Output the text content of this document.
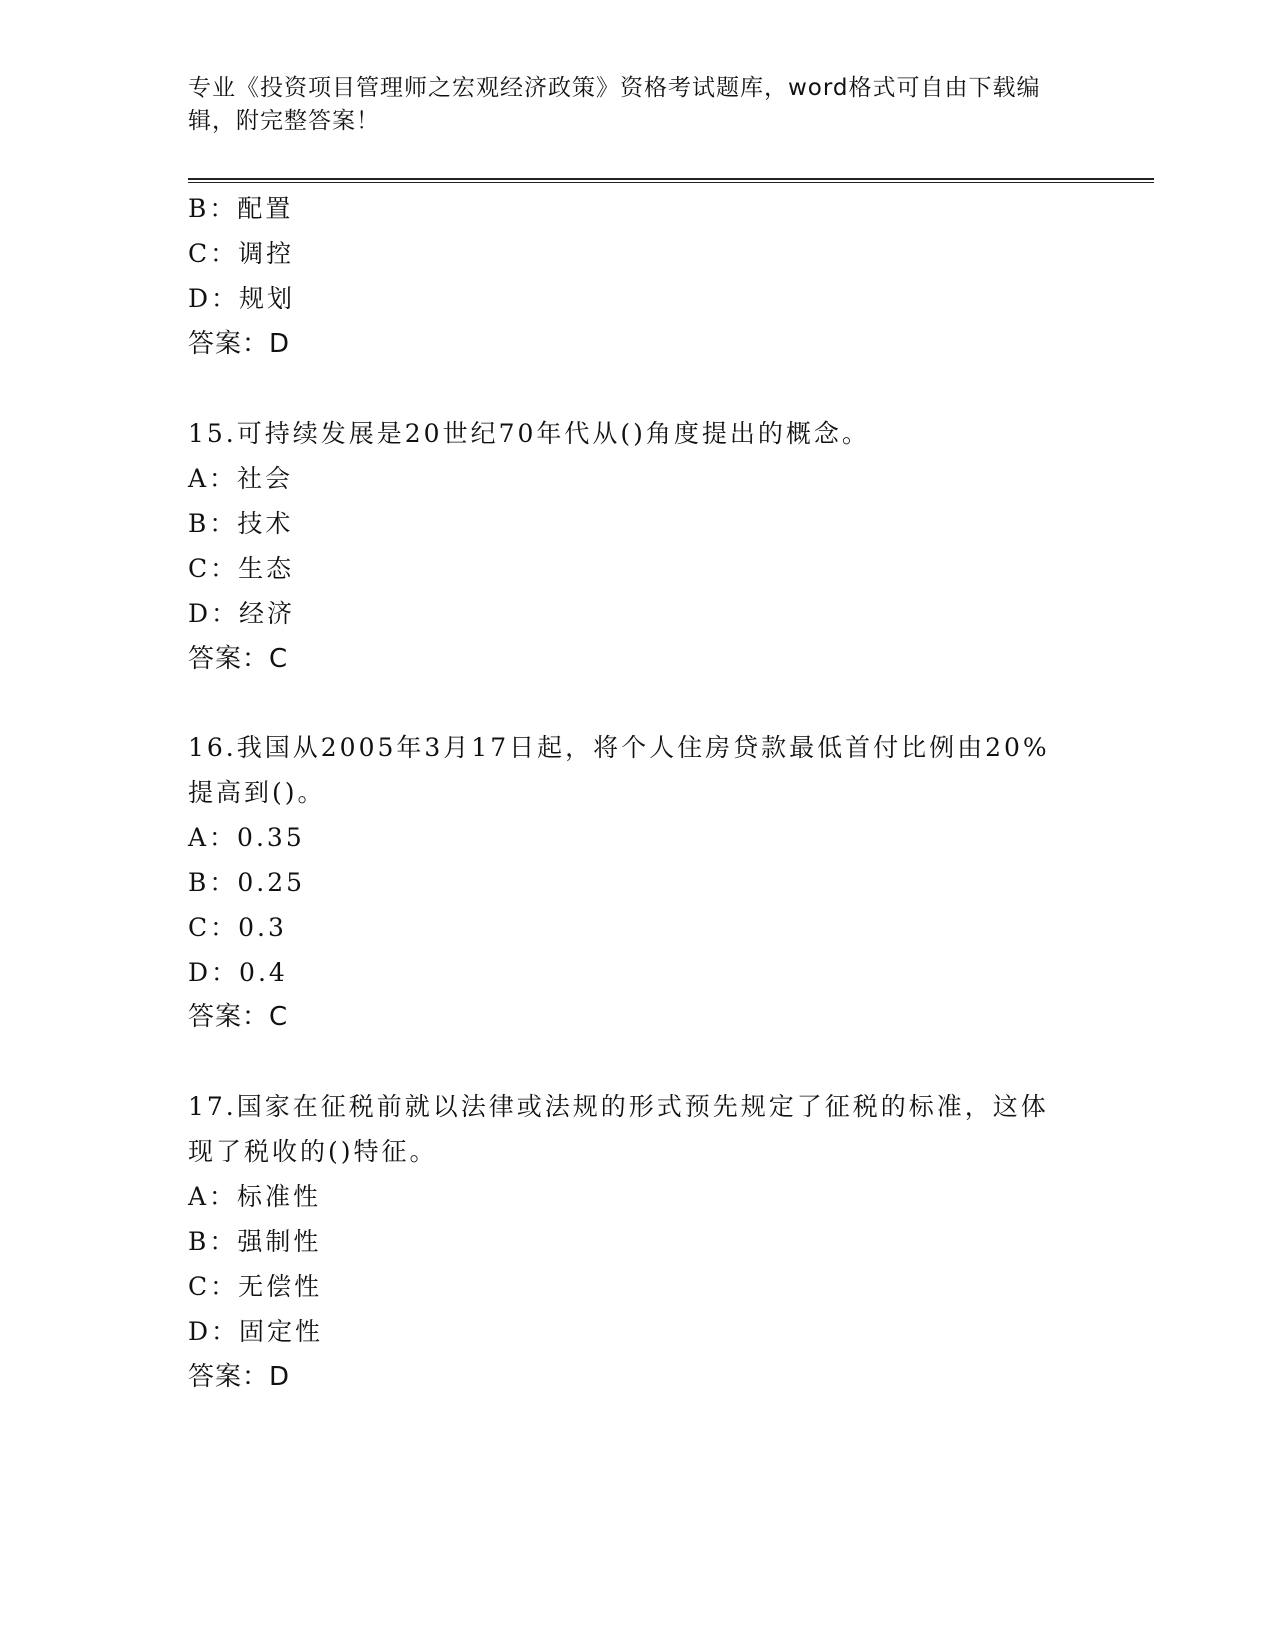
专业《投资项目管理师之宏观经济政策》资格考试题库，word格式可自由下载编
辑，附完整答案！
B：配置
C：调控
D：规划
答案：D
15.可持续发展是20世纪70年代从()角度提出的概念。
A：社会
B：技术
C：生态
D：经济
答案：C
16.我国从2005年3月17日起，将个人住房贷款最低首付比例由20%
提高到()。
A：0.35
B：0.25
C：0.3
D：0.4
答案：C
17.国家在征税前就以法律或法规的形式预先规定了征税的标准，这体
现了税收的()特征。
A：标准性
B：强制性
C：无偿性
D：固定性
答案：D
